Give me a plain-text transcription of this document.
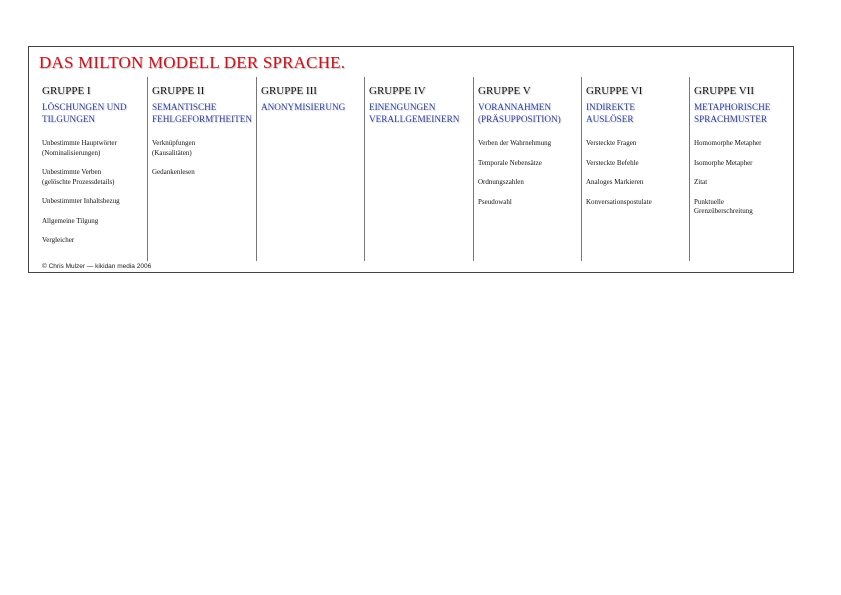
DAS MILTON MODELL DER SPRACHE.
GRUPPE I
LÖSCHUNGEN UND
TILGUNGEN
Unbestimmte Hauptwörter
(Nominalisierungen)
Unbestimmte Verben
(gelöschte Prozessdetails)
Unbestimmter Inhaltsbezug
Allgemeine Tilgung
Vergleicher
GRUPPE II
SEMANTISCHE
FEHLGEFORMTHEITEN
Verknüpfungen
(Kausalitäten)
Gedankenlesen
GRUPPE III
ANONYMISIERUNG
GRUPPE IV
EINENGUNGEN
VERALLGEMEINERN
GRUPPE V
VORANNAHMEN
(PRÄSUPPOSITION)
Verben der Wahrnehmung
Temporale Nebensätze
Ordnungszahlen
Pseudowahl
GRUPPE VI
INDIREKTE
AUSLÖSER
Versteckte Fragen
Versteckte Befehle
Analoges Markieren
Konversationspostulate
GRUPPE VII
METAPHORISCHE
SPRACHMUSTER
Homomorphe Metapher
Isomorphe Metapher
Zitat
Punktuelle
Grenzüberschreitung
© Chris Mulzer — kikidan media 2006
